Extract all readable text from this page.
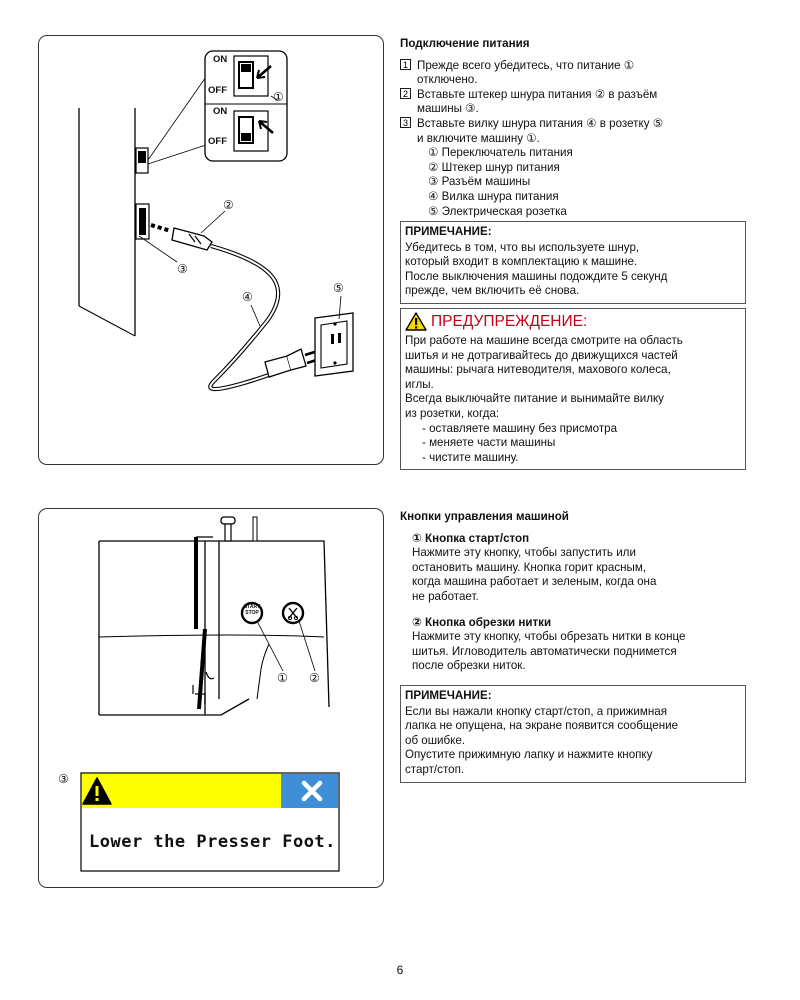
ON
OFF
ON
OFF
①
②
③
④
⑤
Подключение питания
1 Прежде всего убедитесь, что питание ①
отключено.
2 Вставьте штекер шнура питания ② в разъём
машины ③.
3 Вставьте вилку шнура питания ④ в розетку ⑤
и включите машину ①.
① Переключатель питания
② Штекер шнур питания
③ Разъём машины
④ Вилка шнура питания
⑤ Электрическая розетка
ПРИМЕЧАНИЕ:
Убедитесь в том, что вы используете шнур,
который входит в комплектацию к машине.
После выключения машины подождите 5 секунд
прежде, чем включить её снова.
ПРЕДУПРЕЖДЕНИЕ:
При работе на машине всегда смотрите на область
шитья и не дотрагивайтесь до движущихся частей
машины: рычага нитеводителя, махового колеса,
иглы.
Всегда выключайте питание и вынимайте вилку
из розетки, когда:
- оставляете машину без присмотра
- меняете части машины
- чистите машину.
START
STOP
① ②
③
Lower the Presser Foot.
Кнопки управления машиной
① Кнопка старт/стоп
Нажмите эту кнопку, чтобы запустить или
остановить машину. Кнопка горит красным,
когда машина работает и зеленым, когда она
не работает.
② Кнопка обрезки нитки
Нажмите эту кнопку, чтобы обрезать нитки в конце
шитья. Игловодитель автоматически поднимется
после обрезки ниток.
ПРИМЕЧАНИЕ:
Если вы нажали кнопку старт/стоп, а прижимная
лапка не опущена, на экране появится сообщение
об ошибке.
Опустите прижимную лапку и нажмите кнопку
старт/стоп.
6
